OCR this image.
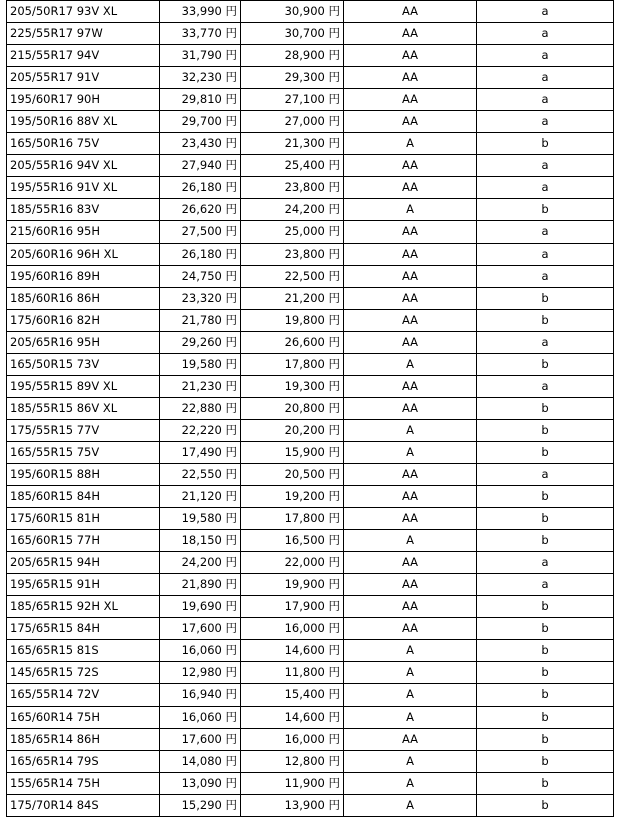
205/50R17 93V XL	33,990 円	30,900 円	AA	a
225/55R17 97W	33,770 円	30,700 円	AA	a
215/55R17 94V	31,790 円	28,900 円	AA	a
205/55R17 91V	32,230 円	29,300 円	AA	a
195/60R17 90H	29,810 円	27,100 円	AA	a
195/50R16 88V XL	29,700 円	27,000 円	AA	a
165/50R16 75V	23,430 円	21,300 円	A	b
205/55R16 94V XL	27,940 円	25,400 円	AA	a
195/55R16 91V XL	26,180 円	23,800 円	AA	a
185/55R16 83V	26,620 円	24,200 円	A	b
215/60R16 95H	27,500 円	25,000 円	AA	a
205/60R16 96H XL	26,180 円	23,800 円	AA	a
195/60R16 89H	24,750 円	22,500 円	AA	a
185/60R16 86H	23,320 円	21,200 円	AA	b
175/60R16 82H	21,780 円	19,800 円	AA	b
205/65R16 95H	29,260 円	26,600 円	AA	a
165/50R15 73V	19,580 円	17,800 円	A	b
195/55R15 89V XL	21,230 円	19,300 円	AA	a
185/55R15 86V XL	22,880 円	20,800 円	AA	b
175/55R15 77V	22,220 円	20,200 円	A	b
165/55R15 75V	17,490 円	15,900 円	A	b
195/60R15 88H	22,550 円	20,500 円	AA	a
185/60R15 84H	21,120 円	19,200 円	AA	b
175/60R15 81H	19,580 円	17,800 円	AA	b
165/60R15 77H	18,150 円	16,500 円	A	b
205/65R15 94H	24,200 円	22,000 円	AA	a
195/65R15 91H	21,890 円	19,900 円	AA	a
185/65R15 92H XL	19,690 円	17,900 円	AA	b
175/65R15 84H	17,600 円	16,000 円	AA	b
165/65R15 81S	16,060 円	14,600 円	A	b
145/65R15 72S	12,980 円	11,800 円	A	b
165/55R14 72V	16,940 円	15,400 円	A	b
165/60R14 75H	16,060 円	14,600 円	A	b
185/65R14 86H	17,600 円	16,000 円	AA	b
165/65R14 79S	14,080 円	12,800 円	A	b
155/65R14 75H	13,090 円	11,900 円	A	b
175/70R14 84S	15,290 円	13,900 円	A	b
